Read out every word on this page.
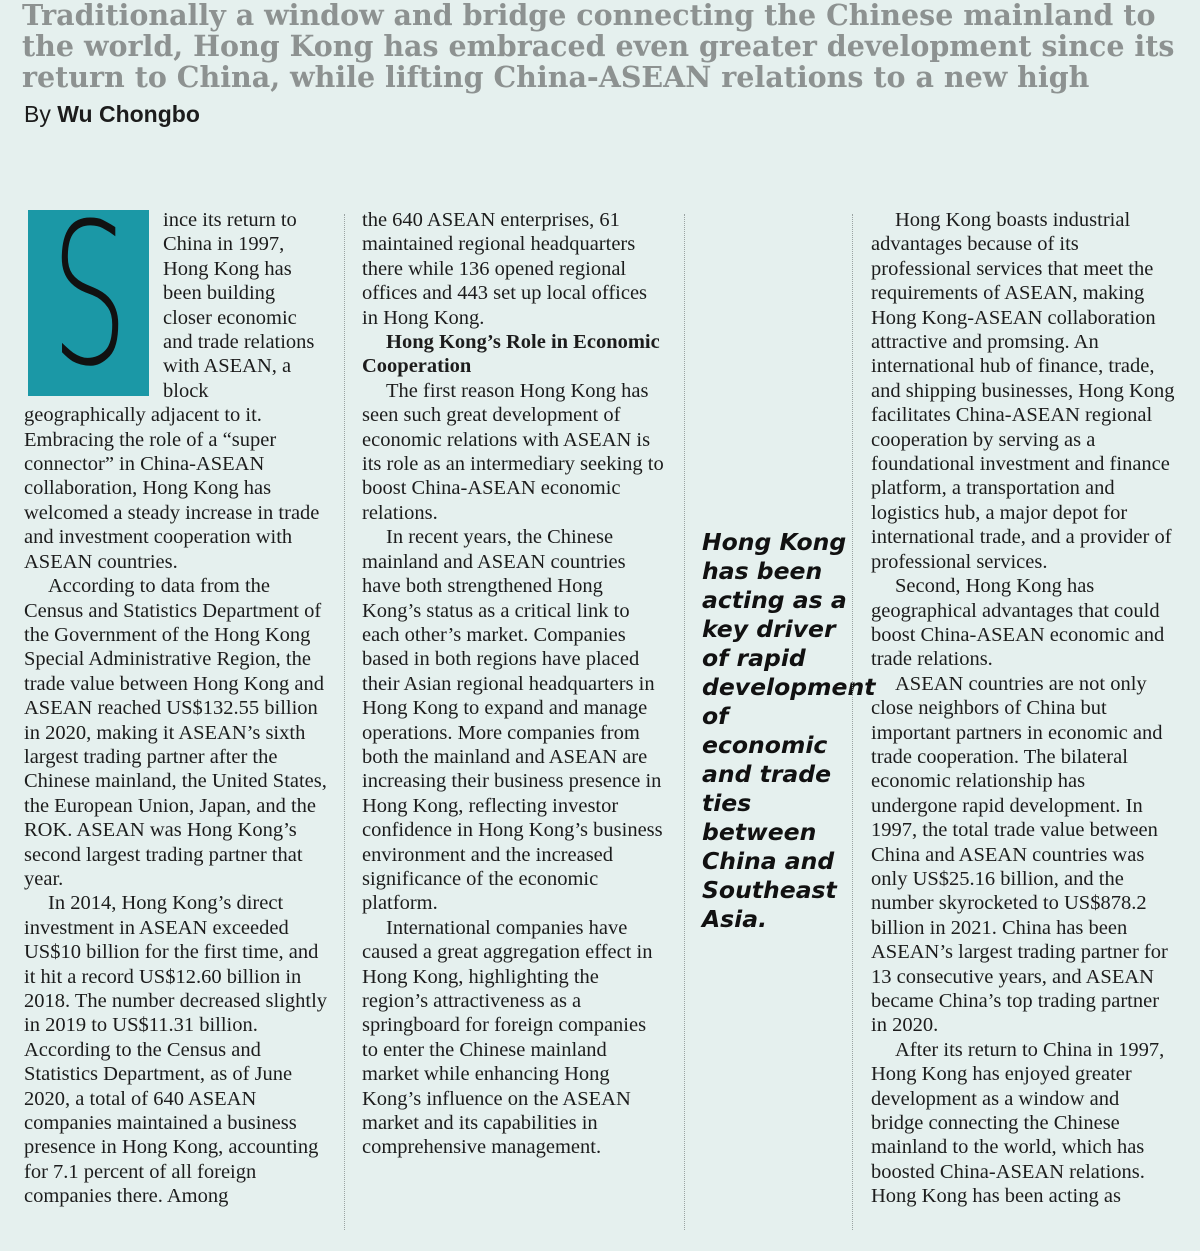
Traditionally a window and bridge connecting the Chinese mainland to the world, Hong Kong has embraced even greater development since its return to China, while lifting China-ASEAN relations to a new high

By Wu Chongbo

S	ince its return to China in 1997, Hong Kong has been building closer economic and trade relations with ASEAN, a block geographically adjacent to it. Embracing the role of a “super connector” in China-ASEAN collaboration, Hong Kong has welcomed a steady increase in trade and investment cooperation with ASEAN countries.

According to data from the Census and Statistics Department of the Government of the Hong Kong Special Administrative Region, the trade value between Hong Kong and ASEAN reached US$132.55 billion in 2020, making it ASEAN’s sixth largest trading partner after the Chinese mainland, the United States, the European Union, Japan, and the ROK. ASEAN was Hong Kong’s second largest trading partner that year.

In 2014, Hong Kong’s direct investment in ASEAN exceeded US$10 billion for the first time, and it hit a record US$12.60 billion in 2018. The number decreased slightly in 2019 to US$11.31 billion. According to the Census and Statistics Department, as of June 2020, a total of 640 ASEAN companies maintained a business presence in Hong Kong, accounting for 7.1 percent of all foreign companies there. Among

the 640 ASEAN enterprises, 61 maintained regional headquarters there while 136 opened regional offices and 443 set up local offices in Hong Kong.

Hong Kong’s Role in Economic Cooperation

The first reason Hong Kong has seen such great development of economic relations with ASEAN is its role as an intermediary seeking to boost China-ASEAN economic relations.

In recent years, the Chinese mainland and ASEAN countries have both strengthened Hong Kong’s status as a critical link to each other’s market. Companies based in both regions have placed their Asian regional headquarters in Hong Kong to expand and manage operations. More companies from both the mainland and ASEAN are increasing their business presence in Hong Kong, reflecting investor confidence in Hong Kong’s business environment and the increased significance of the economic platform.

International companies have caused a great aggregation effect in Hong Kong, highlighting the region’s attractiveness as a springboard for foreign companies to enter the Chinese mainland market while enhancing Hong Kong’s influence on the ASEAN market and its capabilities in comprehensive management.

Hong Kong has been acting as a key driver of rapid development of economic and trade ties between China and Southeast Asia.

Hong Kong boasts industrial advantages because of its professional services that meet the requirements of ASEAN, making Hong Kong-ASEAN collaboration attractive and promsing. An international hub of finance, trade, and shipping businesses, Hong Kong facilitates China-ASEAN regional cooperation by serving as a foundational investment and finance platform, a transportation and logistics hub, a major depot for international trade, and a provider of professional services.

Second, Hong Kong has geographical advantages that could boost China-ASEAN economic and trade relations.

ASEAN countries are not only close neighbors of China but important partners in economic and trade cooperation. The bilateral economic relationship has undergone rapid development. In 1997, the total trade value between China and ASEAN countries was only US$25.16 billion, and the number skyrocketed to US$878.2 billion in 2021. China has been ASEAN’s largest trading partner for 13 consecutive years, and ASEAN became China’s top trading partner in 2020.

After its return to China in 1997, Hong Kong has enjoyed greater development as a window and bridge connecting the Chinese mainland to the world, which has boosted China-ASEAN relations. Hong Kong has been acting as
